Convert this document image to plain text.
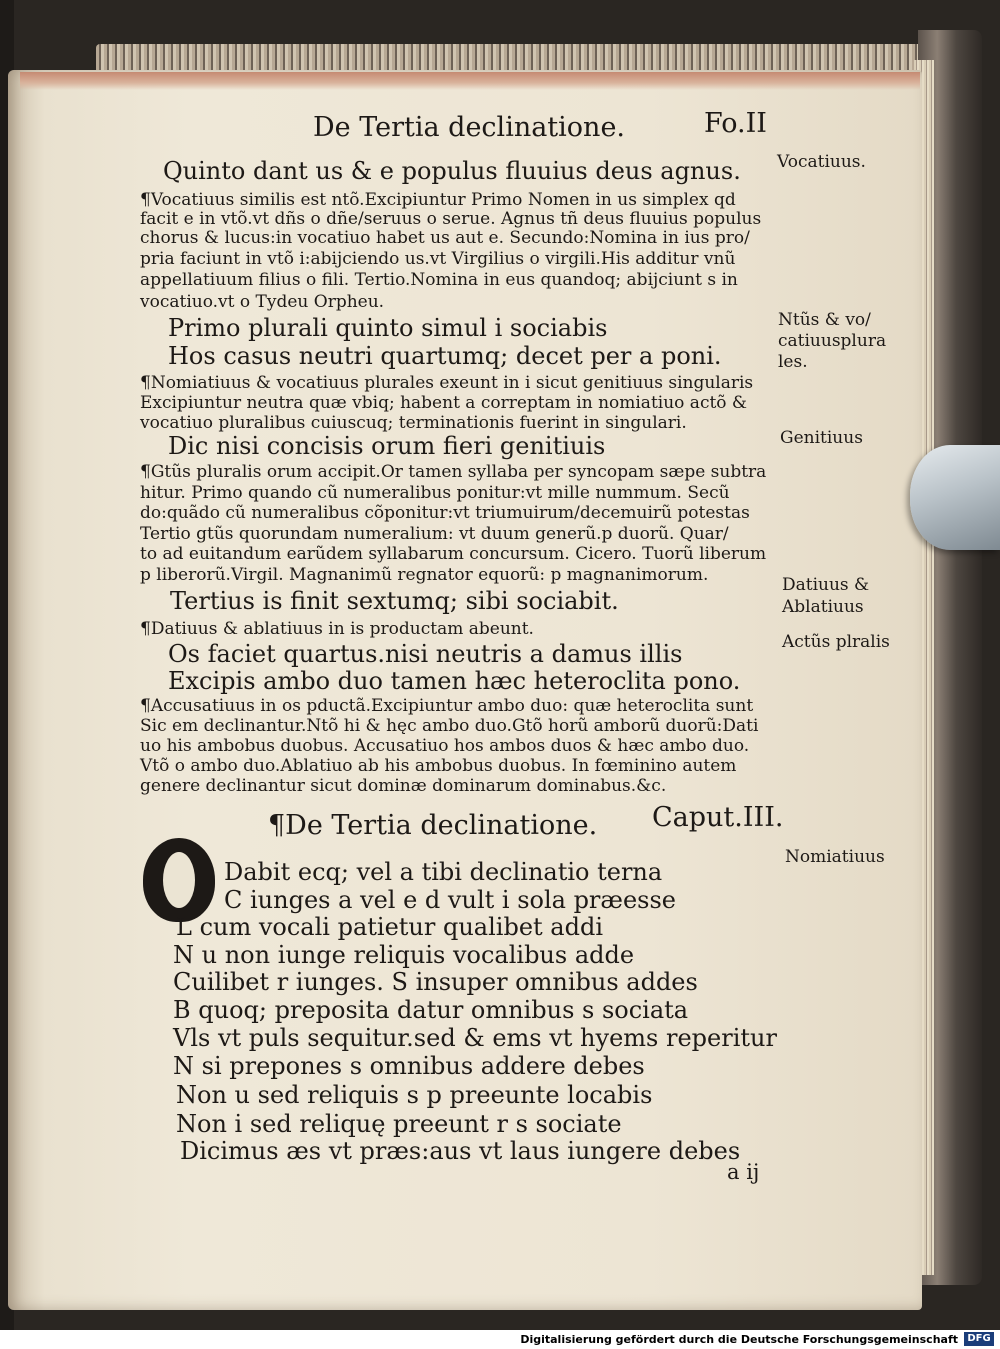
De Tertia declinatione.	Fo.II

Quinto dant us & e populus fluuius deus agnus.

¶Vocatiuus similis est ntõ.Excipiuntur Primo Nomen in us simplex qd

facit e in vtõ.vt dñs o dñe/seruus o serue. Agnus tñ deus fluuius populus

chorus & lucus:in vocatiuo habet us aut e. Secundo:Nomina in ius pro/

pria faciunt in vtõ i:abijciendo us.vt Virgilius o virgili.His additur vnũ

appellatiuum filius o fili. Tertio.Nomina in eus quandoq; abijciunt s in

vocatiuo.vt o Tydeu Orpheu.

Primo plurali quinto simul i sociabis

Hos casus neutri quartumq; decet per a poni.

¶Nomiatiuus & vocatiuus plurales exeunt in i sicut genitiuus singularis

Excipiuntur neutra quæ vbiq; habent a correptam in nomiatiuo actõ &

vocatiuo pluralibus cuiuscuq; terminationis fuerint in singulari.

Dic nisi concisis orum fieri genitiuis

¶Gtũs pluralis orum accipit.Or tamen syllaba per syncopam sæpe subtra

hitur. Primo quando cũ numeralibus ponitur:vt mille nummum. Secũ

do:quãdo cũ numeralibus cõponitur:vt triumuirum/decemuirũ potestas

Tertio gtũs quorundam numeralium: vt duum generũ.p duorũ. Quar/

to ad euitandum earũdem syllabarum concursum. Cicero. Tuorũ liberum

p liberorũ.Virgil. Magnanimũ regnator equorũ: p magnanimorum.

Tertius is finit sextumq; sibi sociabit.

¶Datiuus & ablatiuus in is productam abeunt.

Os faciet quartus.nisi neutris a damus illis

Excipis ambo duo tamen hæc heteroclita pono.

¶Accusatiuus in os pductã.Excipiuntur ambo duo: quæ heteroclita sunt

Sic em declinantur.Ntõ hi & hęc ambo duo.Gtõ horũ amborũ duorũ:Dati

uo his ambobus duobus. Accusatiuo hos ambos duos & hæc ambo duo.

Vtõ o ambo duo.Ablatiuo ab his ambobus duobus. In fœminino autem

genere declinantur sicut dominæ dominarum dominabus.&c.

¶De Tertia declinatione. Caput.III.

Dabit ecq; vel a tibi declinatio terna

C iunges a vel e d vult i sola præesse

L cum vocali patietur qualibet addi

N u non iunge reliquis vocalibus adde

Cuilibet r iunges. S insuper omnibus addes

B quoq; preposita datur omnibus s sociata

Vls vt puls sequitur.sed & ems vt hyems reperitur

N si prepones s omnibus addere debes

Non u sed reliquis s p preeunte locabis

Non i sed reliquę preeunt r s sociate

Dicimus æs vt præs:aus vt laus iungere debes

a ij

Vocatiuus.

Ntũs & vo/

catiuusplura

les.

Genitiuus

Datiuus &

Ablatiuus

Actũs plralis

Nomiatiuus

Digitalisierung gefördert durch die Deutsche Forschungsgemeinschaft DFG
